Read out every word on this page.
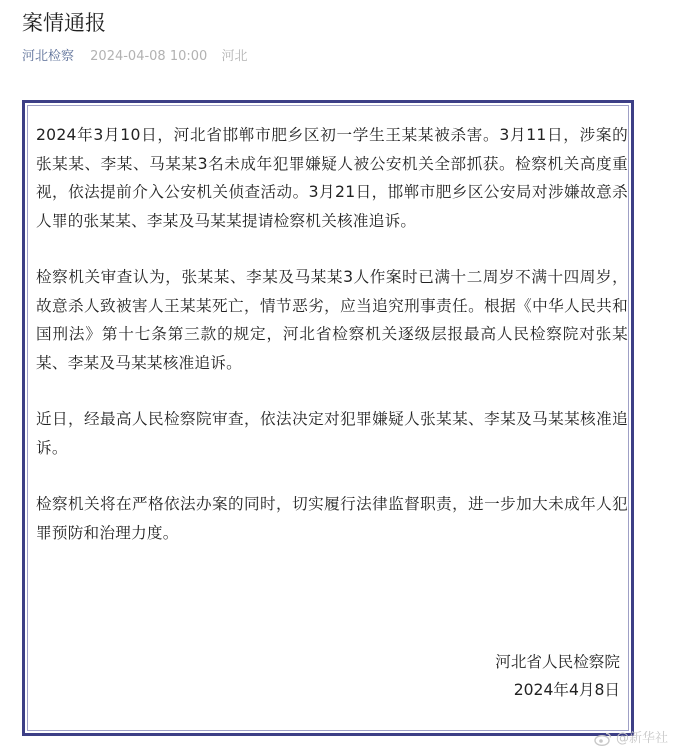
案情通报
河北检察 2024-04-08 10:00 河北

2024年3月10日，河北省邯郸市肥乡区初一学生王某某被杀害。3月11日，涉案的张某某、李某、马某某3名未成年犯罪嫌疑人被公安机关全部抓获。检察机关高度重视，依法提前介入公安机关侦查活动。3月21日，邯郸市肥乡区公安局对涉嫌故意杀人罪的张某某、李某及马某某提请检察机关核准追诉。

检察机关审查认为，张某某、李某及马某某3人作案时已满十二周岁不满十四周岁，故意杀人致被害人王某某死亡，情节恶劣，应当追究刑事责任。根据《中华人民共和国刑法》第十七条第三款的规定，河北省检察机关逐级层报最高人民检察院对张某某、李某及马某某核准追诉。

近日，经最高人民检察院审查，依法决定对犯罪嫌疑人张某某、李某及马某某核准追诉。

检察机关将在严格依法办案的同时，切实履行法律监督职责，进一步加大未成年人犯罪预防和治理力度。

河北省人民检察院
2024年4月8日
@新华社
